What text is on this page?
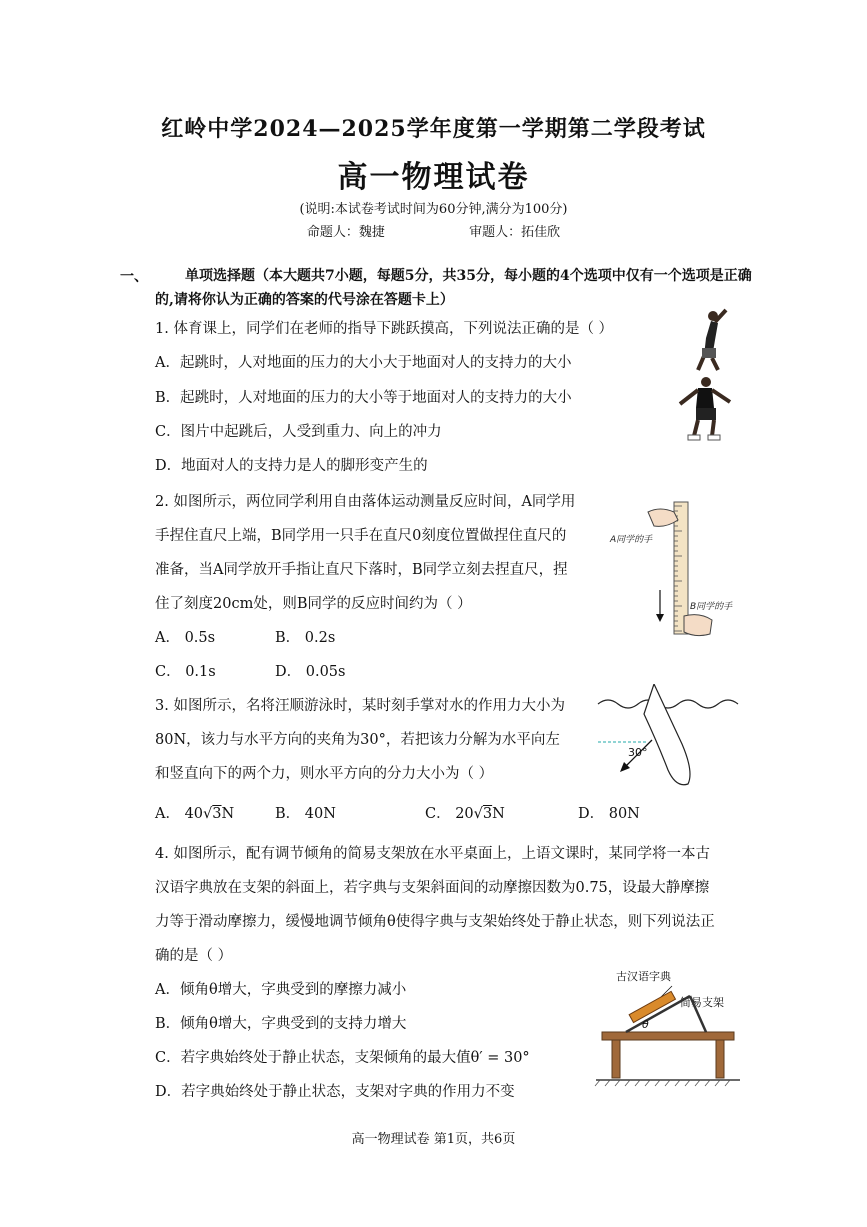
红岭中学2024—2025学年度第一学期第二学段考试
高一物理试卷
(说明:本试卷考试时间为60分钟,满分为100分)
命题人：魏捷	审题人：拓佳欣
一、	单项选择题（本大题共7小题，每题5分，共35分，每小题的4个选项中仅有一个选项是正确的,请将你认为正确的答案的代号涂在答题卡上）
1. 体育课上，同学们在老师的指导下跳跃摸高，下列说法正确的是（ ）
A．起跳时，人对地面的压力的大小大于地面对人的支持力的大小
B．起跳时，人对地面的压力的大小等于地面对人的支持力的大小
C．图片中起跳后，人受到重力、向上的冲力
D．地面对人的支持力是人的脚形变产生的
2. 如图所示，两位同学利用自由落体运动测量反应时间，A同学用
手捏住直尺上端，B同学用一只手在直尺0刻度位置做捏住直尺的
准备，当A同学放开手指让直尺下落时，B同学立刻去捏直尺，捏
住了刻度20cm处，则B同学的反应时间约为（ ）
A． 0.5s	B． 0.2s
C． 0.1s	D． 0.05s
A同学的手
B同学的手
3. 如图所示，名将汪顺游泳时，某时刻手掌对水的作用力大小为
80N，该力与水平方向的夹角为30°，若把该力分解为水平向左
和竖直向下的两个力，则水平方向的分力大小为（ ）
A． 40√3N	B． 40N	C． 20√3N	D． 80N
30°
4. 如图所示，配有调节倾角的简易支架放在水平桌面上，上语文课时，某同学将一本古
汉语字典放在支架的斜面上，若字典与支架斜面间的动摩擦因数为0.75，设最大静摩擦
力等于滑动摩擦力，缓慢地调节倾角θ使得字典与支架始终处于静止状态，则下列说法正
确的是（ ）
A．倾角θ增大，字典受到的摩擦力减小
B．倾角θ增大，字典受到的支持力增大
C．若字典始终处于静止状态，支架倾角的最大值θ′ = 30°
D．若字典始终处于静止状态，支架对字典的作用力不变
古汉语字典
简易支架
θ
高一物理试卷 第1页，共6页
